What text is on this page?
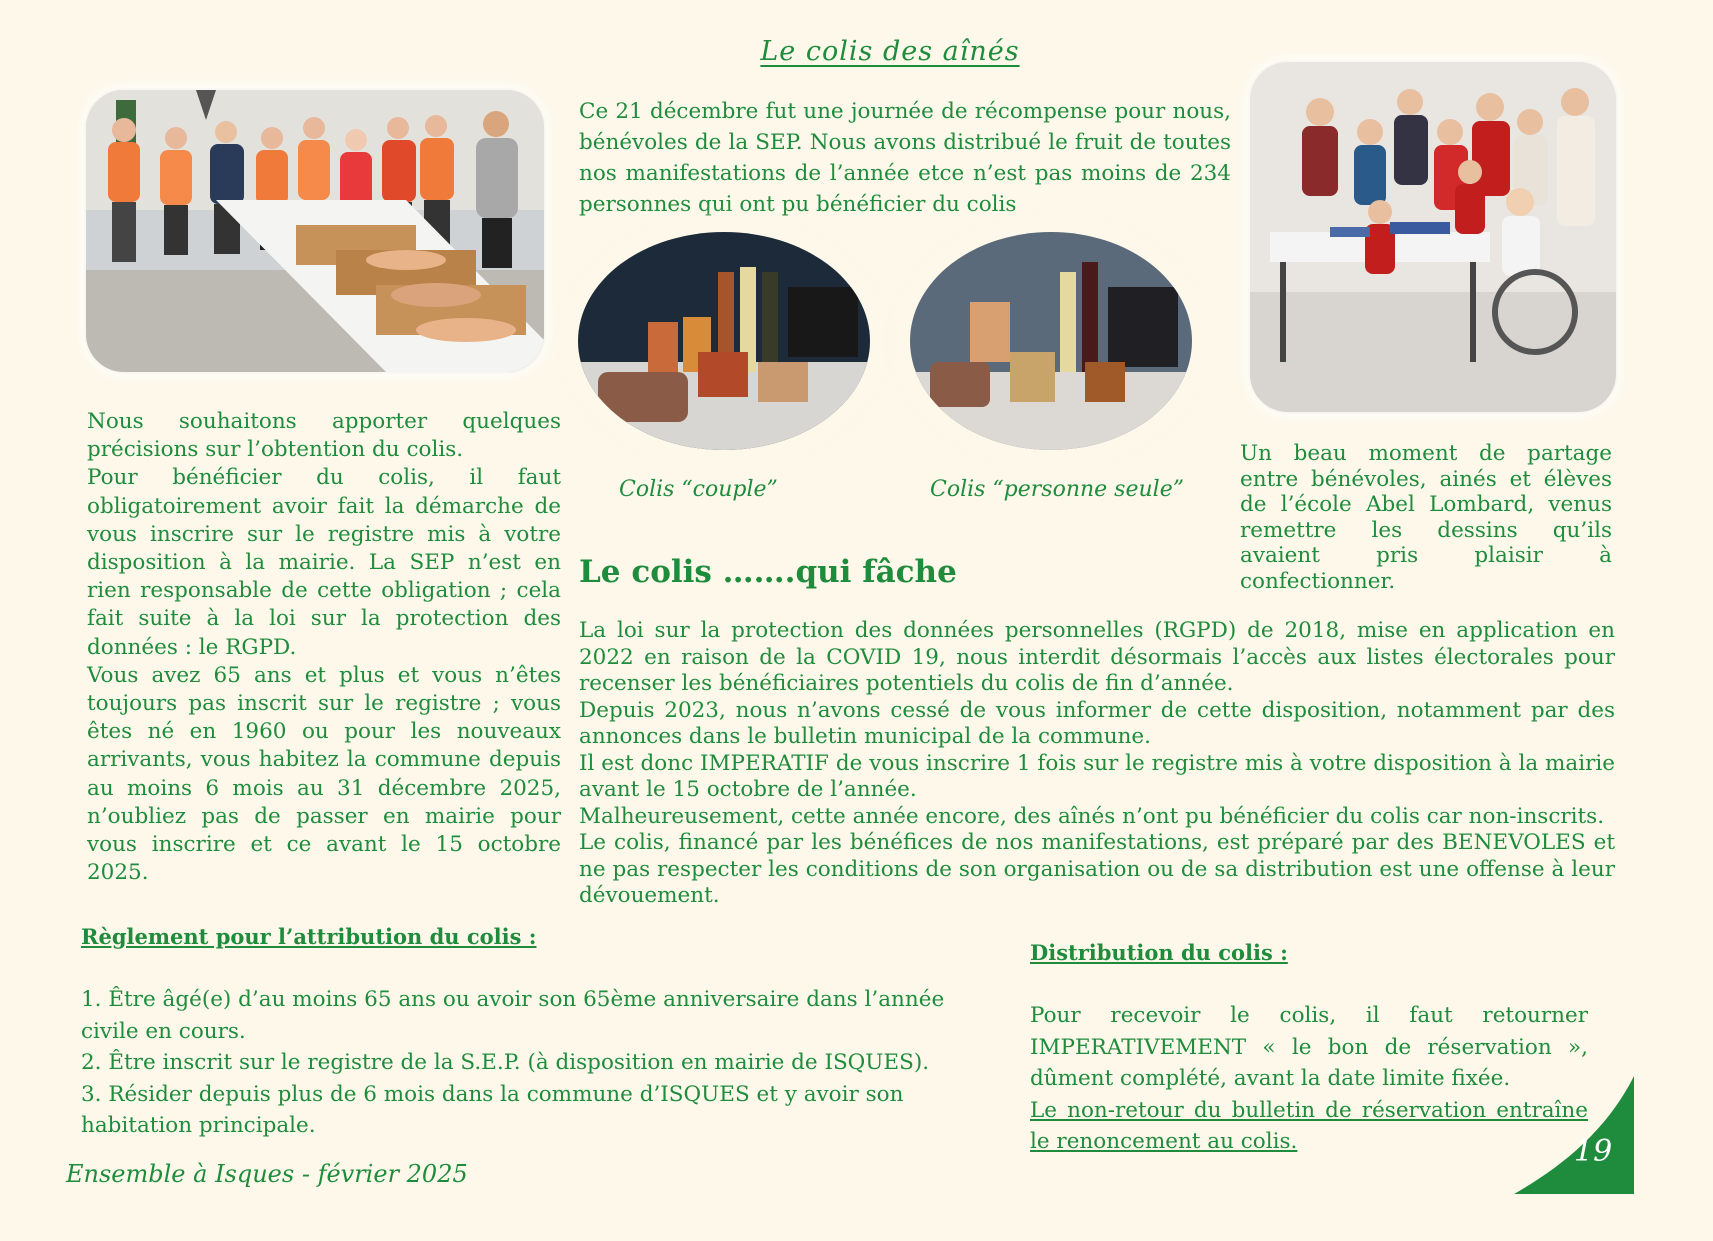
Le colis des aînés
Ce 21 décembre fut une journée de récompense pour nous, bénévoles de la SEP. Nous avons distribué le fruit de toutes nos manifestations de l’année etce n’est pas moins de 234 personnes qui ont pu bénéficier du colis
Colis “couple”	Colis “personne seule”
Un beau moment de partage entre bénévoles, ainés et élèves de l’école Abel Lombard, venus remettre les dessins qu’ils avaient pris plaisir à confectionner.

Nous souhaitons apporter quelques précisions sur l’obtention du colis.

Pour bénéficier du colis, il faut obligatoirement avoir fait la démarche de vous inscrire sur le registre mis à votre disposition à la mairie. La SEP n’est en rien responsable de cette obligation ; cela fait suite à la loi sur la protection des données : le RGPD.

Vous avez 65 ans et plus et vous n’êtes toujours pas inscrit sur le registre ; vous êtes né en 1960 ou pour les nouveaux arrivants, vous habitez la commune depuis au moins 6 mois au 31 décembre 2025, n’oubliez pas de passer en mairie pour vous inscrire et ce avant le 15 octobre 2025.

Le colis …….qui fâche

La loi sur la protection des données personnelles (RGPD) de 2018, mise en application en 2022 en raison de la COVID 19, nous interdit désormais l’accès aux listes électorales pour recenser les bénéficiaires potentiels du colis de fin d’année.

Depuis 2023, nous n’avons cessé de vous informer de cette disposition, notamment par des annonces dans le bulletin municipal de la commune.

Il est donc IMPERATIF de vous inscrire 1 fois sur le registre mis à votre disposition à la mairie avant le 15 octobre de l’année.

Malheureusement, cette année encore, des aînés n’ont pu bénéficier du colis car non-inscrits.

Le colis, financé par les bénéfices de nos manifestations, est préparé par des BENEVOLES et ne pas respecter les conditions de son organisation ou de sa distribution est une offense à leur dévouement.

Règlement pour l’attribution du colis :

1. Être âgé(e) d’au moins 65 ans ou avoir son 65ème anniversaire dans l’année civile en cours.

2. Être inscrit sur le registre de la S.E.P. (à disposition en mairie de ISQUES).

3. Résider depuis plus de 6 mois dans la commune d’ISQUES et y avoir son habitation principale.

Distribution du colis :

Pour recevoir le colis, il faut retourner IMPERATIVEMENT « le bon de réservation », dûment complété, avant la date limite fixée.

Le non-retour du bulletin de réservation entraîne le renoncement au colis.

Ensemble à Isques - février 2025
19
